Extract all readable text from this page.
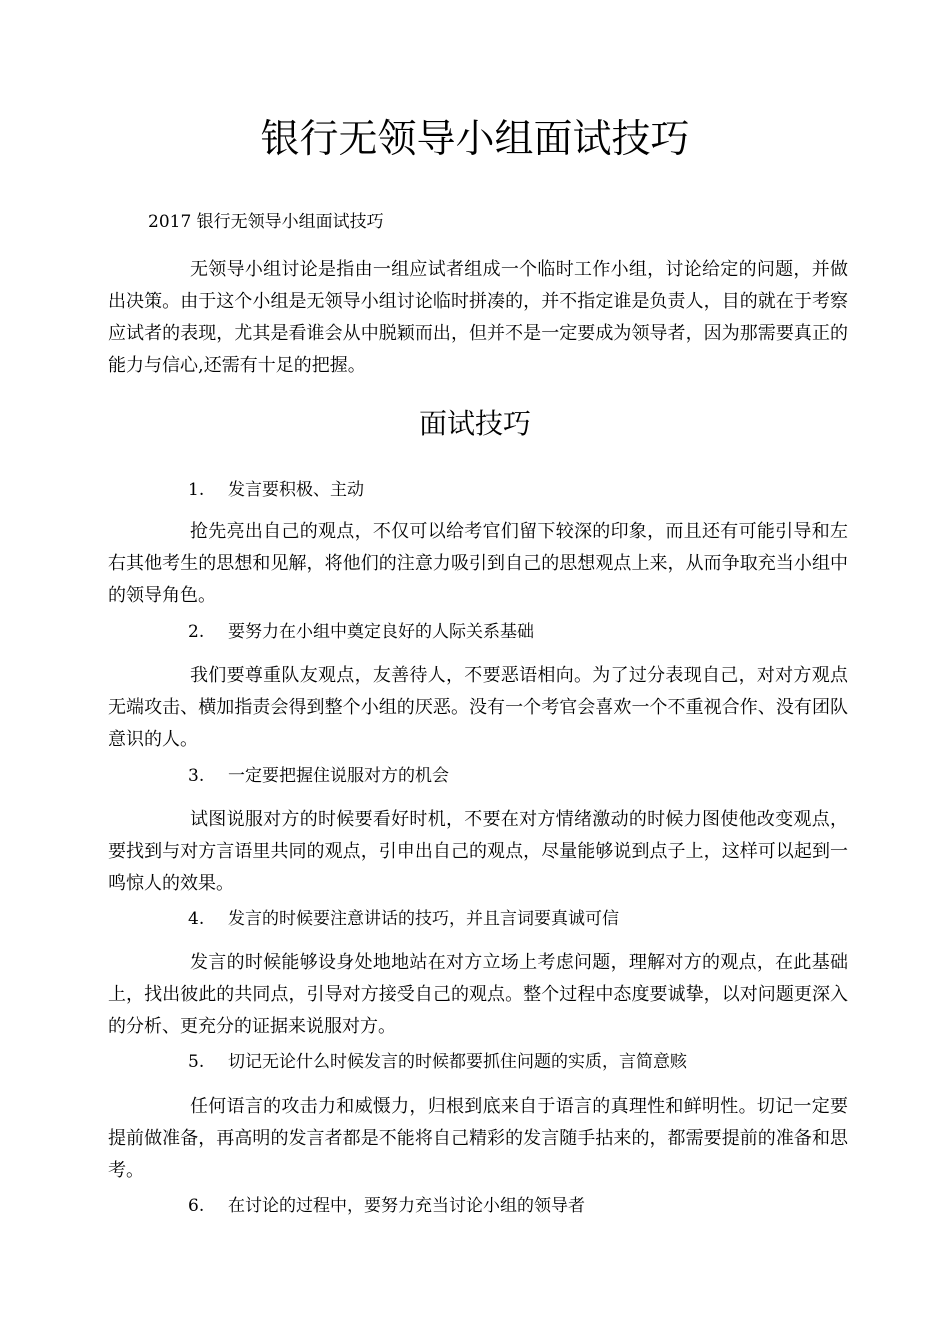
银行无领导小组面试技巧

2017 银行无领导小组面试技巧

无领导小组讨论是指由一组应试者组成一个临时工作小组，讨论给定的问题，并做出决策。由于这个小组是无领导小组讨论临时拼凑的，并不指定谁是负责人，目的就在于考察应试者的表现，尤其是看谁会从中脱颖而出，但并不是一定要成为领导者，因为那需要真正的能力与信心,还需有十足的把握。

面试技巧

1. 发言要积极、主动

抢先亮出自己的观点，不仅可以给考官们留下较深的印象，而且还有可能引导和左右其他考生的思想和见解，将他们的注意力吸引到自己的思想观点上来，从而争取充当小组中的领导角色。

2. 要努力在小组中奠定良好的人际关系基础

我们要尊重队友观点，友善待人，不要恶语相向。为了过分表现自己，对对方观点无端攻击、横加指责会得到整个小组的厌恶。没有一个考官会喜欢一个不重视合作、没有团队意识的人。

3. 一定要把握住说服对方的机会

试图说服对方的时候要看好时机，不要在对方情绪激动的时候力图使他改变观点，要找到与对方言语里共同的观点，引申出自己的观点，尽量能够说到点子上，这样可以起到一鸣惊人的效果。

4. 发言的时候要注意讲话的技巧，并且言词要真诚可信

发言的时候能够设身处地地站在对方立场上考虑问题，理解对方的观点，在此基础上，找出彼此的共同点，引导对方接受自己的观点。整个过程中态度要诚挚，以对问题更深入的分析、更充分的证据来说服对方。

5. 切记无论什么时候发言的时候都要抓住问题的实质，言简意赅

任何语言的攻击力和威慑力，归根到底来自于语言的真理性和鲜明性。切记一定要提前做准备，再高明的发言者都是不能将自己精彩的发言随手拈来的，都需要提前的准备和思考。

6. 在讨论的过程中，要努力充当讨论小组的领导者
